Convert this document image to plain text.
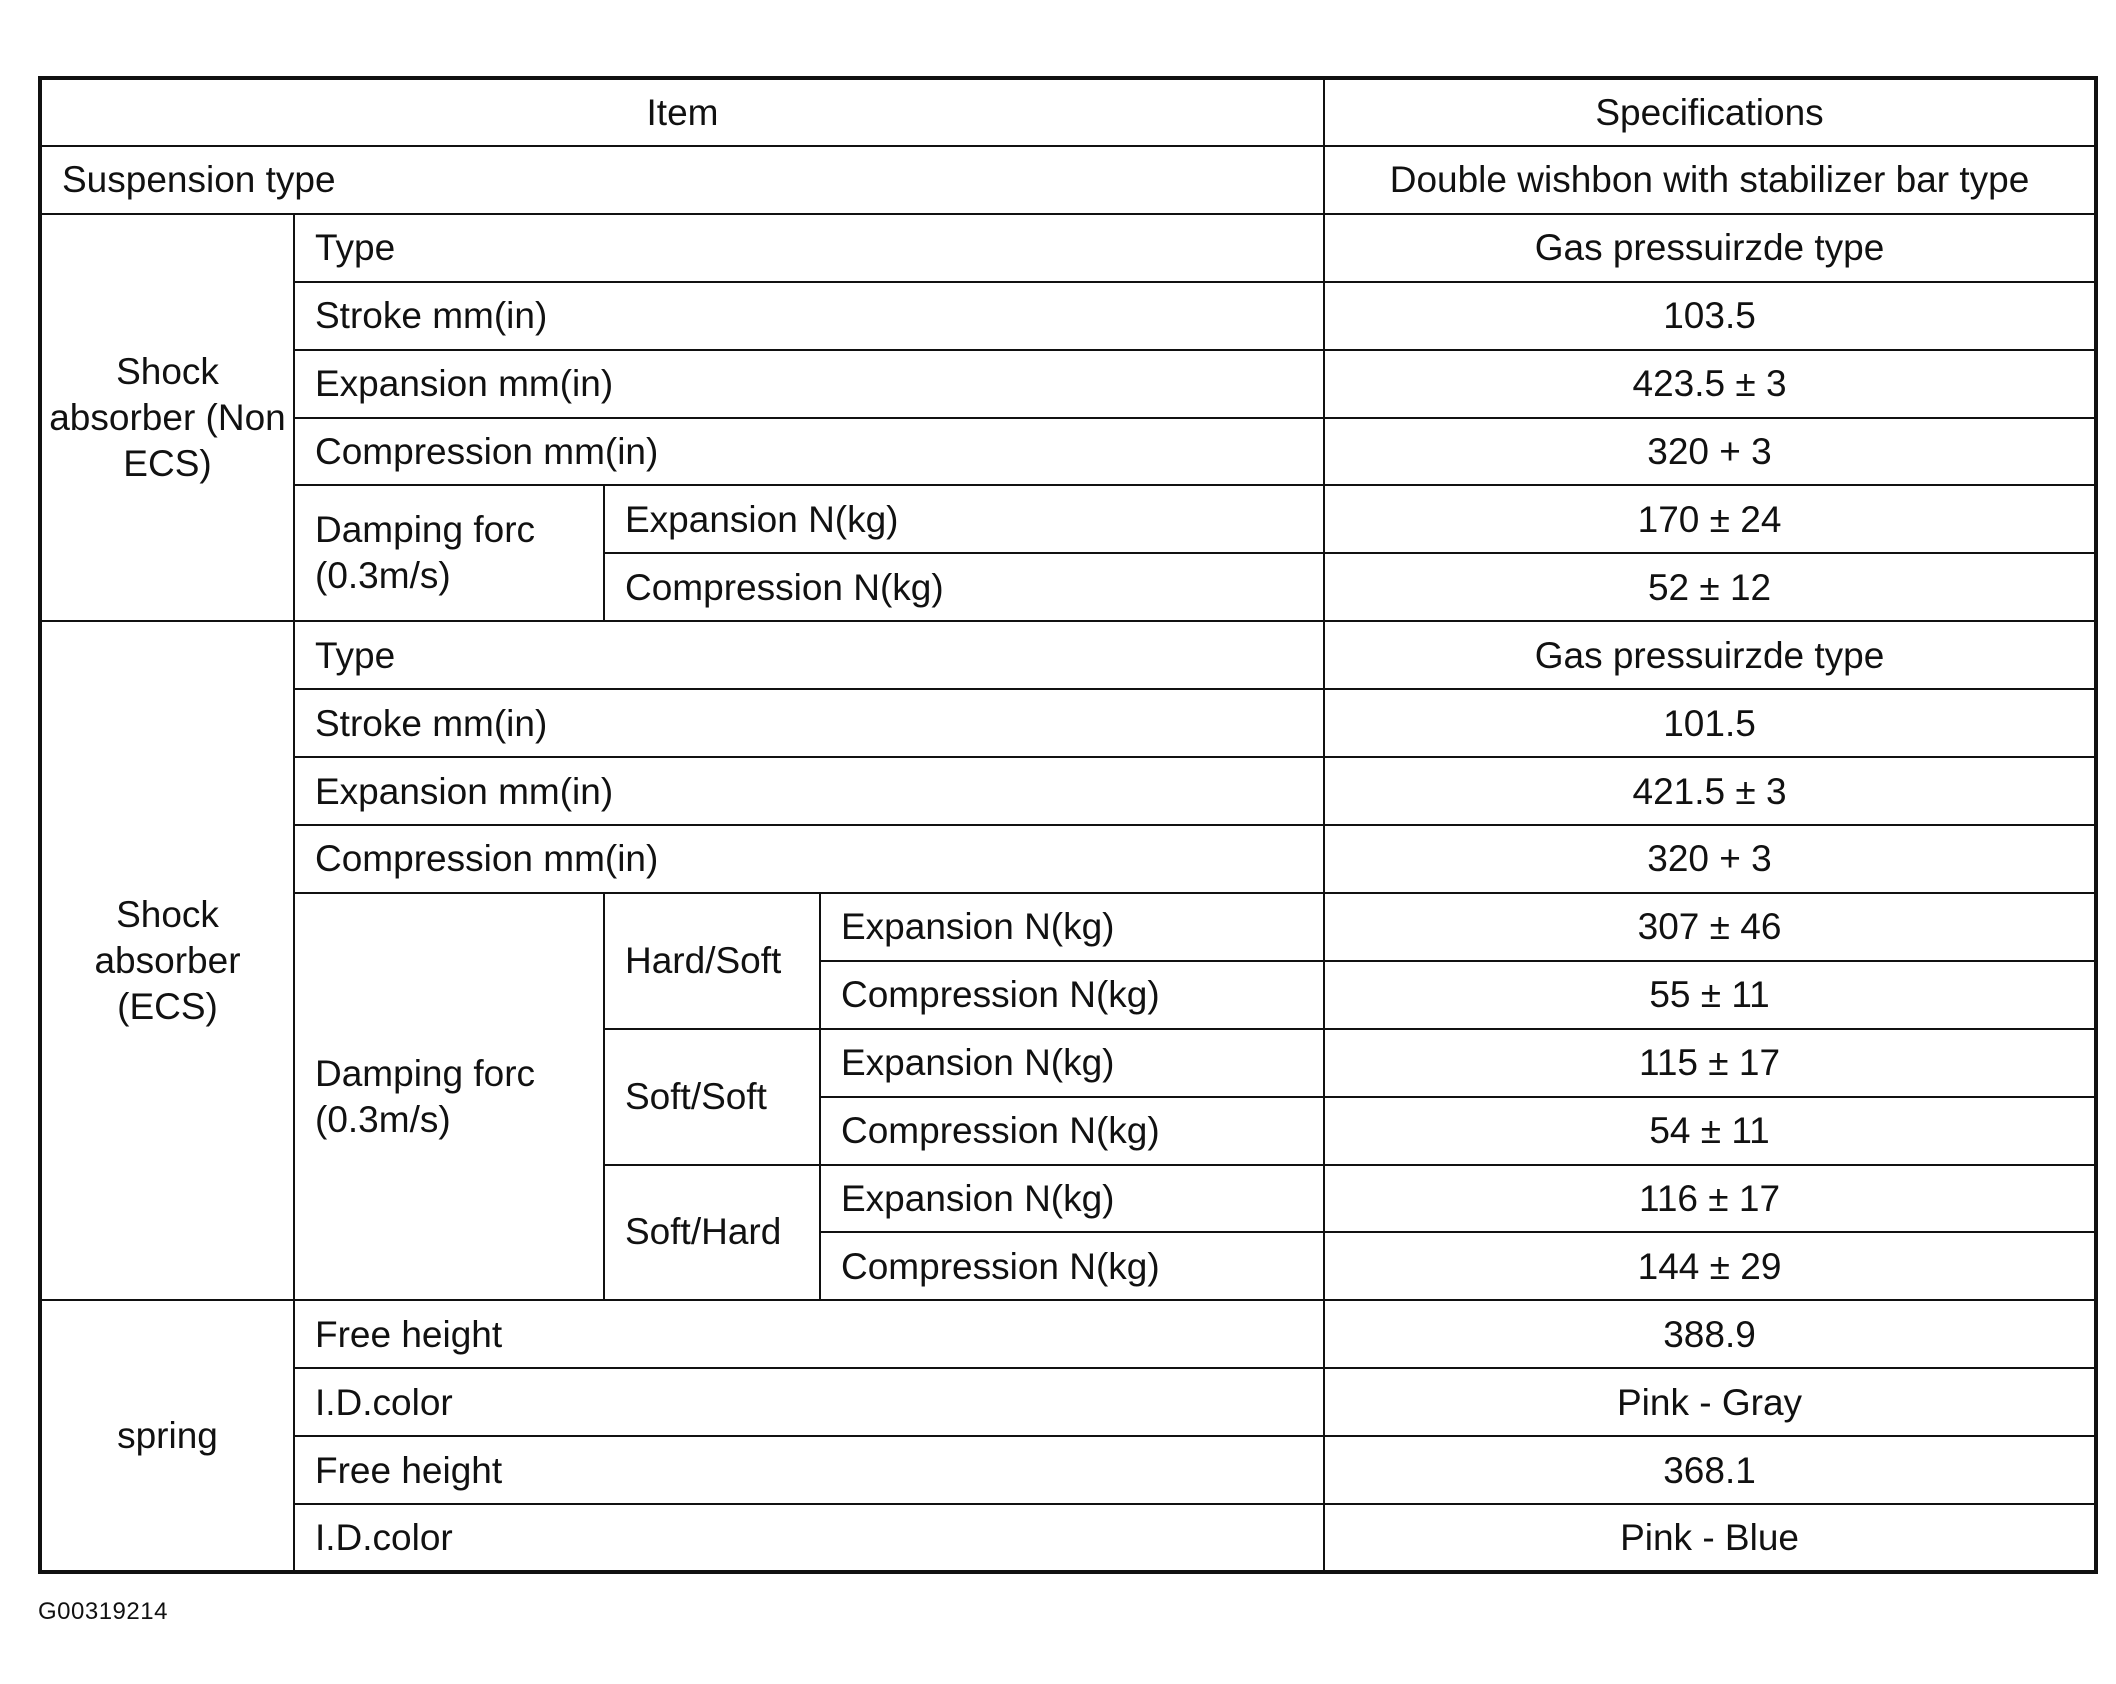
Item				Specifications
Suspension type				Double wishbon with stabilizer bar type
Shock absorber (Non ECS)	Type			Gas pressuirzde type
	Stroke mm(in)			103.5
	Expansion mm(in)			423.5 ± 3
	Compression mm(in)			320 + 3
	Damping forc (0.3m/s)	Expansion N(kg)		170 ± 24
		Compression N(kg)		52 ± 12
Shock absorber (ECS)	Type			Gas pressuirzde type
	Stroke mm(in)			101.5
	Expansion mm(in)			421.5 ± 3
	Compression mm(in)			320 + 3
	Damping forc (0.3m/s)	Hard/Soft	Expansion N(kg)	307 ± 46
			Compression N(kg)	55 ± 11
		Soft/Soft	Expansion N(kg)	115 ± 17
			Compression N(kg)	54 ± 11
		Soft/Hard	Expansion N(kg)	116 ± 17
			Compression N(kg)	144 ± 29
spring	Free height			388.9
	I.D.color			Pink - Gray
	Free height			368.1
	I.D.color			Pink - Blue
G00319214
